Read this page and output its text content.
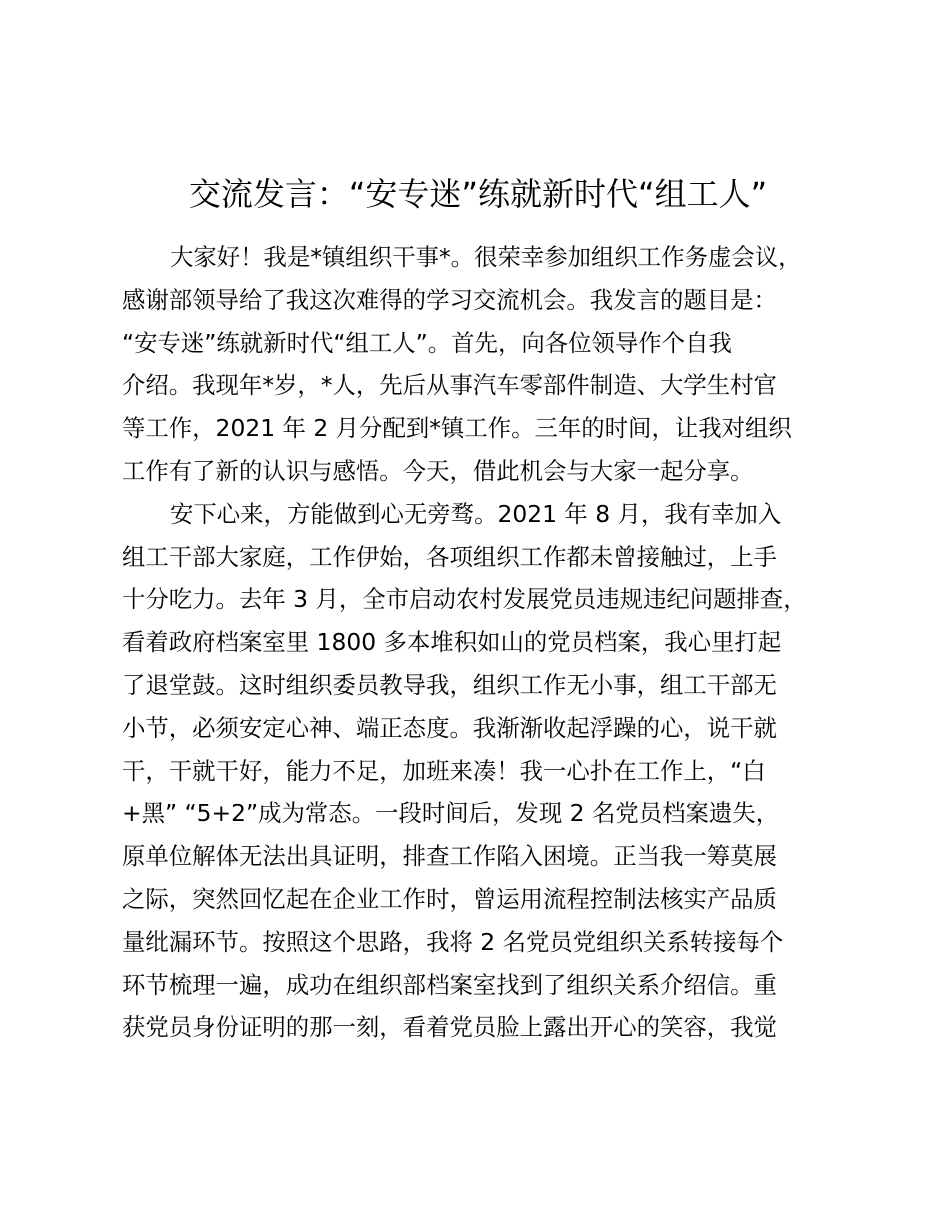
交流发言：“安专迷”练就新时代“组工人”
大家好！我是*镇组织干事*。很荣幸参加组织工作务虚会议，
感谢部领导给了我这次难得的学习交流机会。我发言的题目是：
“安专迷”练就新时代“组工人”。首先，向各位领导作个自我
介绍。我现年*岁，*人，先后从事汽车零部件制造、大学生村官
等工作，2021 年 2 月分配到*镇工作。三年的时间，让我对组织
工作有了新的认识与感悟。今天，借此机会与大家一起分享。
安下心来，方能做到心无旁骛。2021 年 8 月，我有幸加入
组工干部大家庭，工作伊始，各项组织工作都未曾接触过，上手
十分吃力。去年 3 月，全市启动农村发展党员违规违纪问题排查，
看着政府档案室里 1800 多本堆积如山的党员档案，我心里打起
了退堂鼓。这时组织委员教导我，组织工作无小事，组工干部无
小节，必须安定心神、端正态度。我渐渐收起浮躁的心，说干就
干，干就干好，能力不足，加班来凑！我一心扑在工作上，“白
+黑” “5+2”成为常态。一段时间后，发现 2 名党员档案遗失，
原单位解体无法出具证明，排查工作陷入困境。正当我一筹莫展
之际，突然回忆起在企业工作时，曾运用流程控制法核实产品质
量纰漏环节。按照这个思路，我将 2 名党员党组织关系转接每个
环节梳理一遍，成功在组织部档案室找到了组织关系介绍信。重
获党员身份证明的那一刻，看着党员脸上露出开心的笑容，我觉
